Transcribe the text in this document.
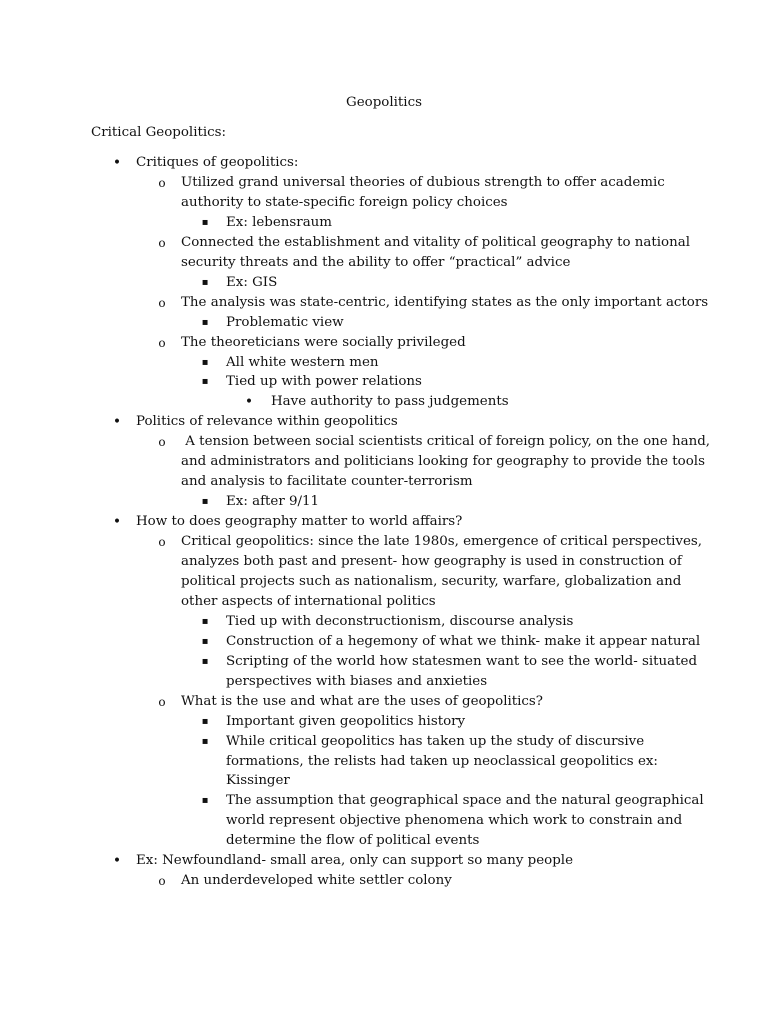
Geopolitics
Critical Geopolitics:
• Critiques of geopolitics:
o Utilized grand universal theories of dubious strength to offer academic
authority to state-specific foreign policy choices
▪ Ex: lebensraum
o Connected the establishment and vitality of political geography to national
security threats and the ability to offer “practical” advice
▪ Ex: GIS
o The analysis was state-centric, identifying states as the only important actors
▪ Problematic view
o The theoreticians were socially privileged
▪ All white western men
▪ Tied up with power relations
• Have authority to pass judgements
• Politics of relevance within geopolitics
o A tension between social scientists critical of foreign policy, on the one hand,
and administrators and politicians looking for geography to provide the tools
and analysis to facilitate counter-terrorism
▪ Ex: after 9/11
• How to does geography matter to world affairs?
o Critical geopolitics: since the late 1980s, emergence of critical perspectives,
analyzes both past and present- how geography is used in construction of
political projects such as nationalism, security, warfare, globalization and
other aspects of international politics
▪ Tied up with deconstructionism, discourse analysis
▪ Construction of a hegemony of what we think- make it appear natural
▪ Scripting of the world how statesmen want to see the world- situated
perspectives with biases and anxieties
o What is the use and what are the uses of geopolitics?
▪ Important given geopolitics history
▪ While critical geopolitics has taken up the study of discursive
formations, the relists had taken up neoclassical geopolitics ex:
Kissinger
▪ The assumption that geographical space and the natural geographical
world represent objective phenomena which work to constrain and
determine the flow of political events
• Ex: Newfoundland- small area, only can support so many people
o An underdeveloped white settler colony
